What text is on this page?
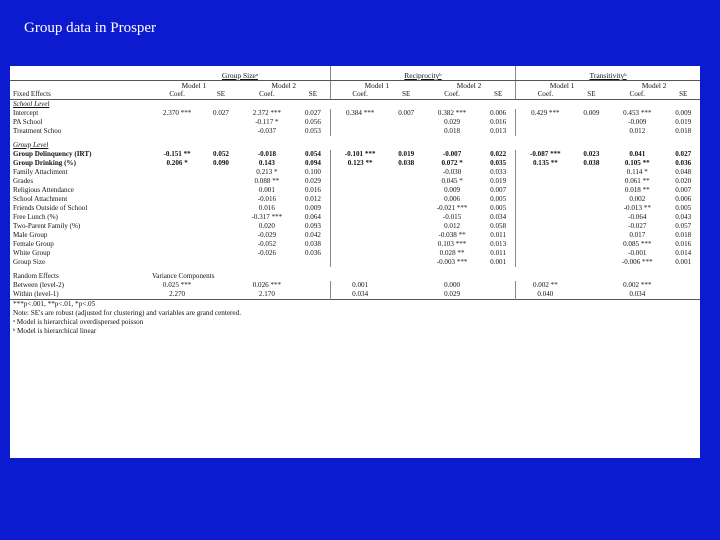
Group data in Prosper
	Group Sizeᵃ				Reciprocityᵇ				Transitivityᵇ			
	Model 1		Model 2		Model 1		Model 2		Model 1		Model 2	
Fixed Effects	Coef.	SE	Coef.	SE	Coef.	SE	Coef.	SE	Coef.	SE	Coef.	SE
School Level												
Intercept	2.370 ***	0.027	2.372 ***	0.027	0.384 ***	0.007	0.382 ***	0.006	0.429 ***	0.009	0.453 ***	0.009
PA School			-0.117 *	0.056			0.029	0.016			-0.009	0.019
Treatment Schoo			-0.037	0.053			0.018	0.013			0.012	0.018

Group Level												
Group Delinquency (IRT)	-0.151 **	0.052	-0.018	0.054	-0.101 ***	0.019	-0.007	0.022	-0.087 ***	0.023	0.041	0.027
Group Drinking (%)	0.206 *	0.090	0.143	0.094	0.123 **	0.038	0.072 *	0.035	0.135 **	0.038	0.105 **	0.036
Family Attachment			0.213 *	0.100			-0.030	0.033			0.114 *	0.048
Grades			0.088 **	0.029			0.045 *	0.019			0.061 **	0.020
Religious Attendance			0.001	0.016			0.009	0.007			0.018 **	0.007
School Attachment			-0.016	0.012			0.006	0.005			0.002	0.006
Friends Outside of School			0.016	0.009			-0.021 ***	0.005			-0.013 **	0.005
Free Lunch (%)			-0.317 ***	0.064			-0.015	0.034			-0.064	0.043
Two-Parent Family (%)			0.020	0.093			0.012	0.058			-0.027	0.057
Male Group			-0.029	0.042			-0.038 **	0.011			0.017	0.018
Female Group			-0.052	0.038			0.103 ***	0.013			0.085 ***	0.016
White Group			-0.026	0.036			0.028 **	0.011			-0.001	0.014
Group Size							-0.003 ***	0.001			-0.006 ***	0.001

Random Effects	Variance Components											
Between (level-2)	0.025 ***		0.026 ***		0.001		0.000		0.002 **		0.002 ***	
Within (level-1)	2.270		2.170		0.034		0.029		0.040		0.034	
***p<.001, **p<.01, *p<.05												
Note: SE's are robust (adjusted for clustering) and variables are grand centered.												
ᵃ Model is hierarchical overdispersed poisson												
ᵇ Model is hierarchical linear												
